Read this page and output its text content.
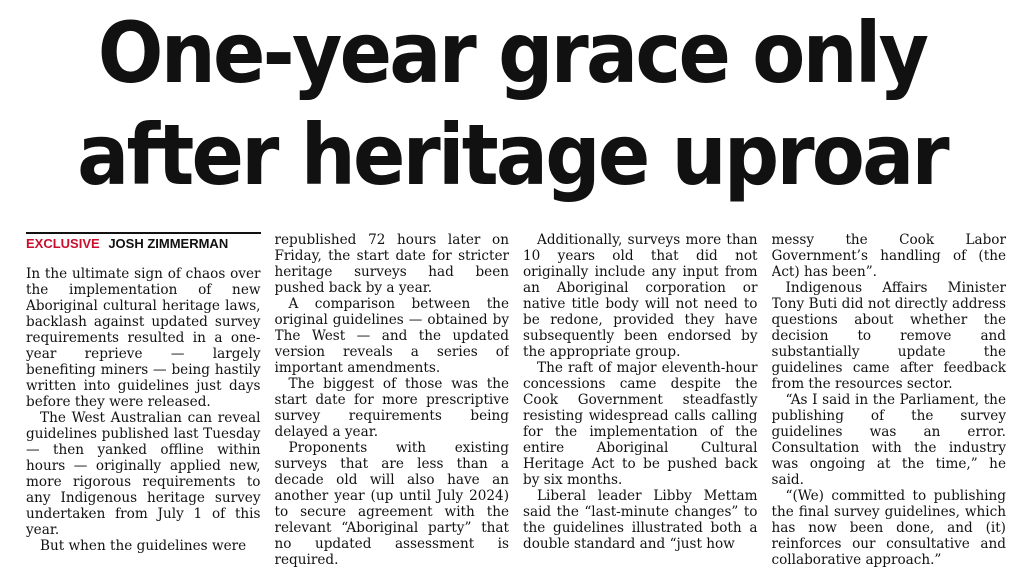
One-year grace only
after heritage uproar
EXCLUSIVE JOSH ZIMMERMAN

In the ultimate sign of chaos over the implementation of new Aboriginal cultural heritage laws, backlash against updated survey requirements resulted in a one-year reprieve — largely benefiting miners — being hastily written into guidelines just days before they were released.

The West Australian can reveal guidelines published last Tuesday — then yanked offline within hours — originally applied new, more rigorous requirements to any Indigenous heritage survey undertaken from July 1 of this year.

But when the guidelines were

republished 72 hours later on Friday, the start date for stricter heritage surveys had been pushed back by a year.

A comparison between the original guidelines — obtained by The West — and the updated version reveals a series of important amendments.

The biggest of those was the start date for more prescriptive survey requirements being delayed a year.

Proponents with existing surveys that are less than a decade old will also have an another year (up until July 2024) to secure agreement with the relevant “Aboriginal party” that no updated assessment is required.

Additionally, surveys more than 10 years old that did not originally include any input from an Aboriginal corporation or native title body will not need to be redone, provided they have subsequently been endorsed by the appropriate group.

The raft of major eleventh-hour concessions came despite the Cook Government steadfastly resisting widespread calls calling for the implementation of the entire Aboriginal Cultural Heritage Act to be pushed back by six months.

Liberal leader Libby Mettam said the “last-minute changes” to the guidelines illustrated both a double standard and “just how

messy the Cook Labor Government’s handling of (the Act) has been”.

Indigenous Affairs Minister Tony Buti did not directly address questions about whether the decision to remove and substantially update the guidelines came after feedback from the resources sector.

“As I said in the Parliament, the publishing of the survey guidelines was an error. Consultation with the industry was ongoing at the time,” he said.

“(We) committed to publishing the final survey guidelines, which has now been done, and (it) reinforces our consultative and collaborative approach.”
